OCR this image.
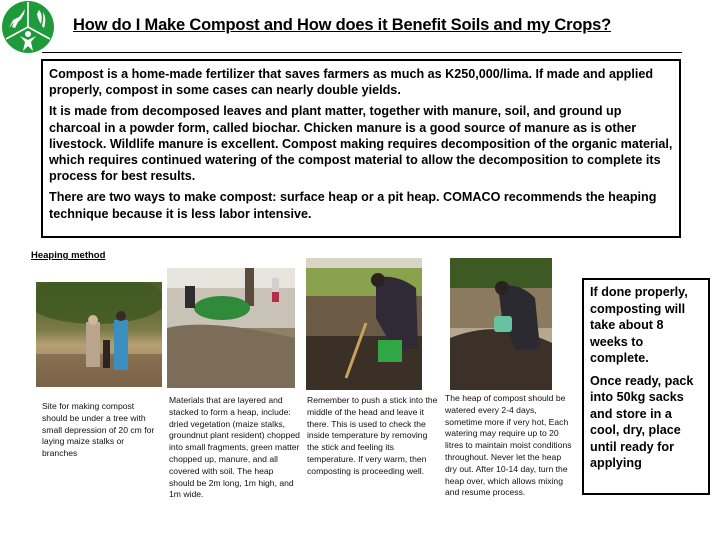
How do I Make Compost and How does it Benefit Soils and my Crops?

Compost is a home-made fertilizer that saves farmers as much as K250,000/lima. If made and applied properly, compost in some cases can nearly double yields.

It is made from decomposed leaves and plant matter, together with manure, soil, and ground up charcoal in a powder form, called biochar. Chicken manure is a good source of manure as is other livestock. Wildlife manure is excellent. Compost making requires decomposition of the organic material, which requires continued watering of the compost material to allow the decomposition to complete its process for best results.

There are two ways to make compost: surface heap or a pit heap. COMACO recommends the heaping technique because it is less labor intensive.

Heaping method
Site for making compost should be under a tree with small depression of 20 cm for laying maize stalks or branches
Materials that are layered and stacked to form a heap, include: dried vegetation (maize stalks, groundnut plant resident) chopped into small fragments, green matter chopped up, manure, and all covered with soil. The heap should be 2m long, 1m high, and 1m wide.
Remember to push a stick into the middle of the head and leave it there. This is used to check the inside temperature by removing the stick and feeling its temperature. If very warm, then composting is proceeding well.
The heap of compost should be watered every 2-4 days, sometime more if very hot, Each watering may require up to 20 litres to maintain moist conditions throughout. Never let the heap dry out. After 10-14 day, turn the heap over, which allows mixing and resume process.

If done properly, composting will take about 8 weeks to complete.

Once ready, pack into 50kg sacks and store in a cool, dry, place until ready for applying
